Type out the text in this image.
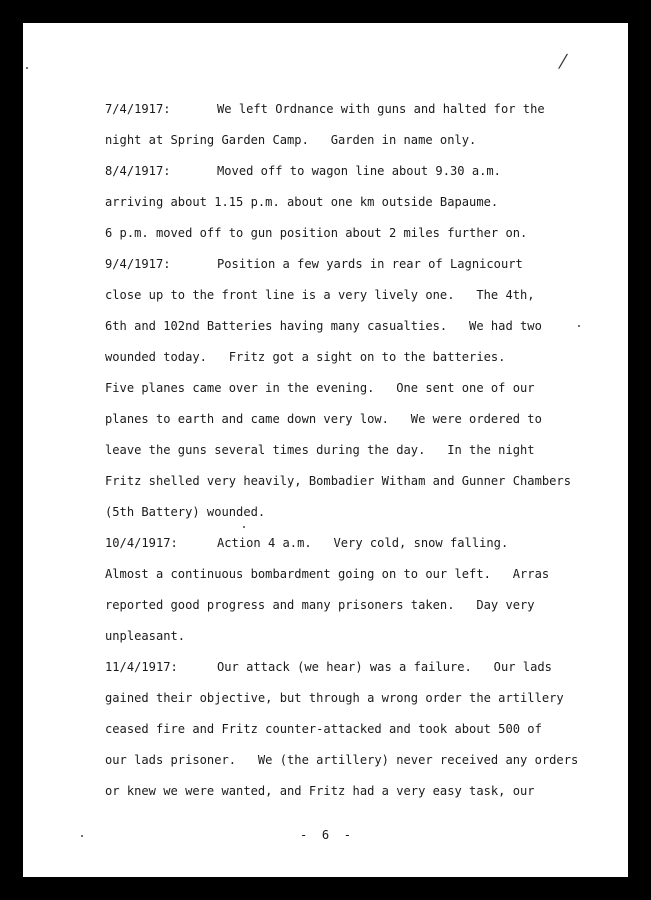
/
7/4/1917:	We left Ordnance with guns and halted for the
night at Spring Garden Camp.   Garden in name only.
8/4/1917:	Moved off to wagon line about 9.30 a.m.
arriving about 1.15 p.m. about one km outside Bapaume.
6 p.m. moved off to gun position about 2 miles further on.
9/4/1917:	Position a few yards in rear of Lagnicourt
close up to the front line is a very lively one.   The 4th,
6th and 102nd Batteries having many casualties.   We had two
wounded today.   Fritz got a sight on to the batteries.
Five planes came over in the evening.   One sent one of our
planes to earth and came down very low.   We were ordered to
leave the guns several times during the day.   In the night
Fritz shelled very heavily, Bombadier Witham and Gunner Chambers
(5th Battery) wounded.
10/4/1917:	Action 4 a.m.   Very cold, snow falling.
Almost a continuous bombardment going on to our left.   Arras
reported good progress and many prisoners taken.   Day very
unpleasant.
11/4/1917:	Our attack (we hear) was a failure.   Our lads
gained their objective, but through a wrong order the artillery
ceased fire and Fritz counter-attacked and took about 500 of
our lads prisoner.   We (the artillery) never received any orders
or knew we were wanted, and Fritz had a very easy task, our
-  6  -
